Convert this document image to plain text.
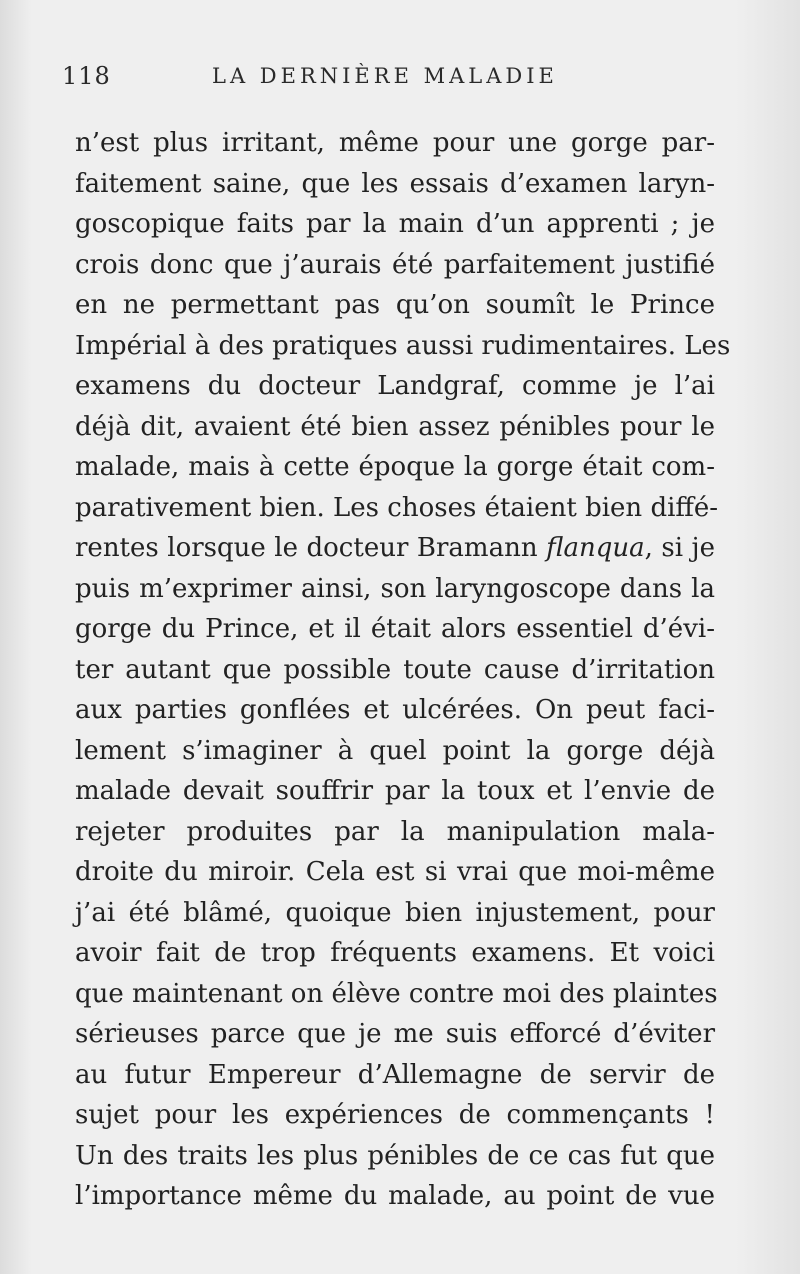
118	LA DERNIÈRE MALADIE
n’est plus irritant, même pour une gorge par-
faitement saine, que les essais d’examen laryn-
goscopique faits par la main d’un apprenti ; je
crois donc que j’aurais été parfaitement justifié
en ne permettant pas qu’on soumît le Prince
Impérial à des pratiques aussi rudimentaires. Les
examens du docteur Landgraf, comme je l’ai
déjà dit, avaient été bien assez pénibles pour le
malade, mais à cette époque la gorge était com-
parativement bien. Les choses étaient bien diffé-
rentes lorsque le docteur Bramann flanqua, si je
puis m’exprimer ainsi, son laryngoscope dans la
gorge du Prince, et il était alors essentiel d’évi-
ter autant que possible toute cause d’irritation
aux parties gonflées et ulcérées. On peut faci-
lement s’imaginer à quel point la gorge déjà
malade devait souffrir par la toux et l’envie de
rejeter produites par la manipulation mala-
droite du miroir. Cela est si vrai que moi-même
j’ai été blâmé, quoique bien injustement, pour
avoir fait de trop fréquents examens. Et voici
que maintenant on élève contre moi des plaintes
sérieuses parce que je me suis efforcé d’éviter
au futur Empereur d’Allemagne de servir de
sujet pour les expériences de commençants !
Un des traits les plus pénibles de ce cas fut que
l’importance même du malade, au point de vue
